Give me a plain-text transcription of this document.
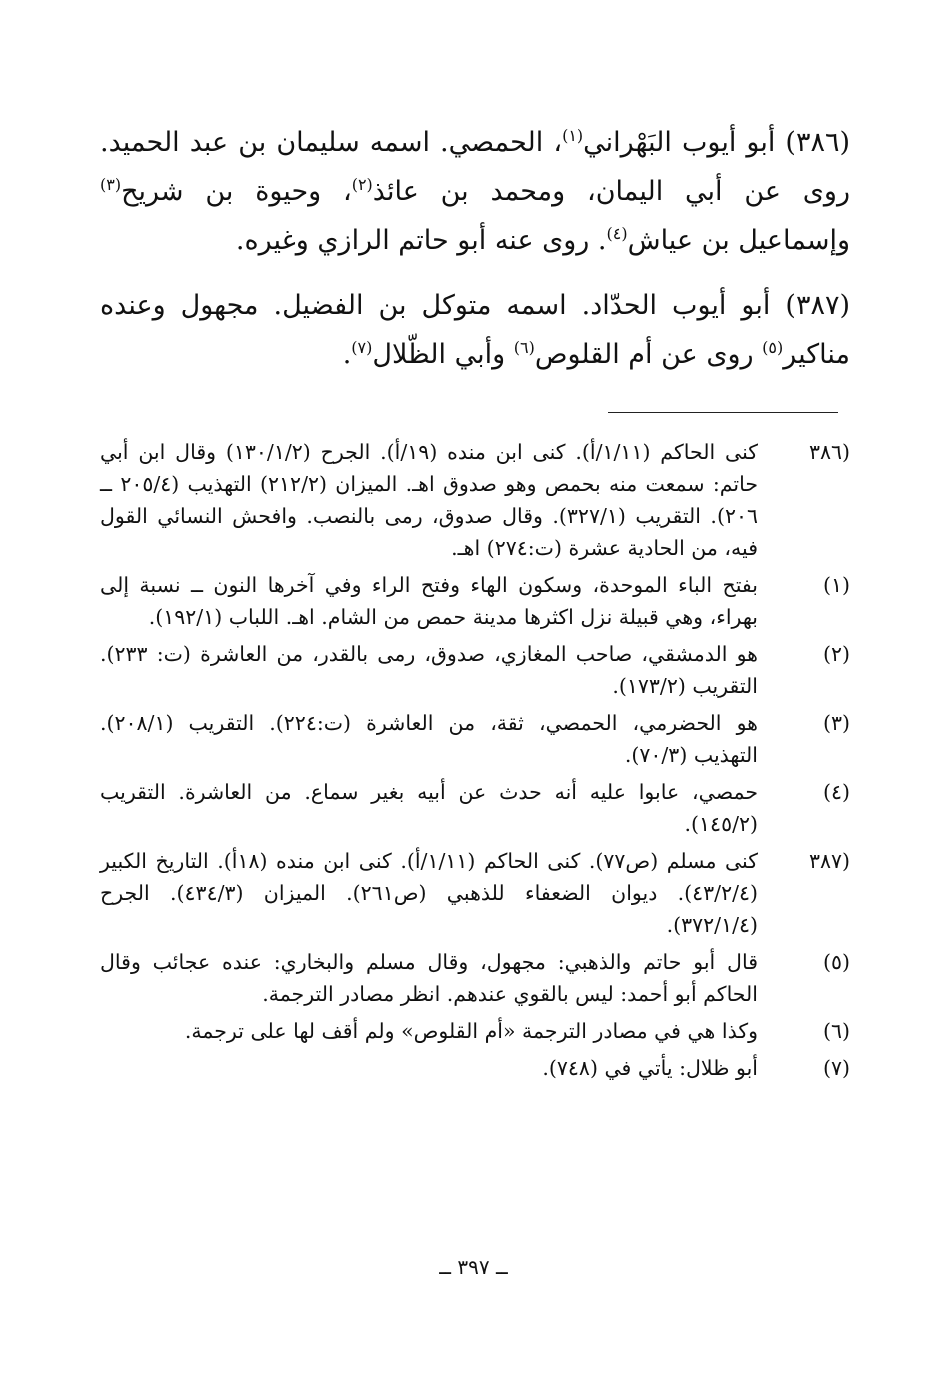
(٣٨٦) أبو أيوب البَهْراني$^{(١)}$، الحمصي. اسمه سليمان بن عبد الحميد. روى عن أبي اليمان، ومحمد بن عائذ$^{(٢)}$، وحيوة بن شريح$^{(٣)}$ وإسماعيل بن عياش$^{(٤)}$. روى عنه أبو حاتم الرازي وغيره.

(٣٨٧) أبو أيوب الحدّاد. اسمه متوكل بن الفضيل. مجهول وعنده مناكير$^{(٥)}$ روى عن أم القلوص$^{(٦)}$ وأبي الظّلال$^{(٧)}$.

(٣٨٦
كنى الحاكم (١/١١/أ). كنى ابن منده (١٩/أ). الجرح (١٣٠/١/٢) وقال ابن أبي حاتم: سمعت منه بحمص وهو صدوق اهـ. الميزان (٢١٢/٢) التهذيب (٢٠٥/٤ ــ ٢٠٦). التقريب (٣٢٧/١). وقال صدوق، رمى بالنصب. وافحش النسائي القول فيه، من الحادية عشرة (ت:٢٧٤) اهـ.
(١)
بفتح الباء الموحدة، وسكون الهاء وفتح الراء وفي آخرها النون ــ نسبة إلى بهراء، وهي قبيلة نزل اكثرها مدينة حمص من الشام. اهـ. اللباب (١٩٢/١).
(٢)
هو الدمشقي، صاحب المغازي، صدوق، رمى بالقدر، من العاشرة (ت: ٢٣٣). التقريب (١٧٣/٢).
(٣)
هو الحضرمي، الحمصي، ثقة، من العاشرة (ت:٢٢٤). التقريب (٢٠٨/١). التهذيب (٧٠/٣).
(٤)
حمصي، عابوا عليه أنه حدث عن أبيه بغير سماع. من العاشرة. التقريب (١٤٥/٢).
(٣٨٧
كنى مسلم (ص٧٧). كنى الحاكم (١/١١/أ). كنى ابن منده (١٨أ). التاريخ الكبير (٤٣/٢/٤). ديوان الضعفاء للذهبي (ص٢٦١). الميزان (٤٣٤/٣). الجرح (٣٧٢/١/٤).
(٥)
قال أبو حاتم والذهبي: مجهول، وقال مسلم والبخاري: عنده عجائب وقال الحاكم أبو أحمد: ليس بالقوي عندهم. انظر مصادر الترجمة.
(٦)
وكذا هي في مصادر الترجمة «أم القلوص» ولم أقف لها على ترجمة.
(٧)
أبو ظلال: يأتي في (٧٤٨).
ــ ٣٩٧ ــ
